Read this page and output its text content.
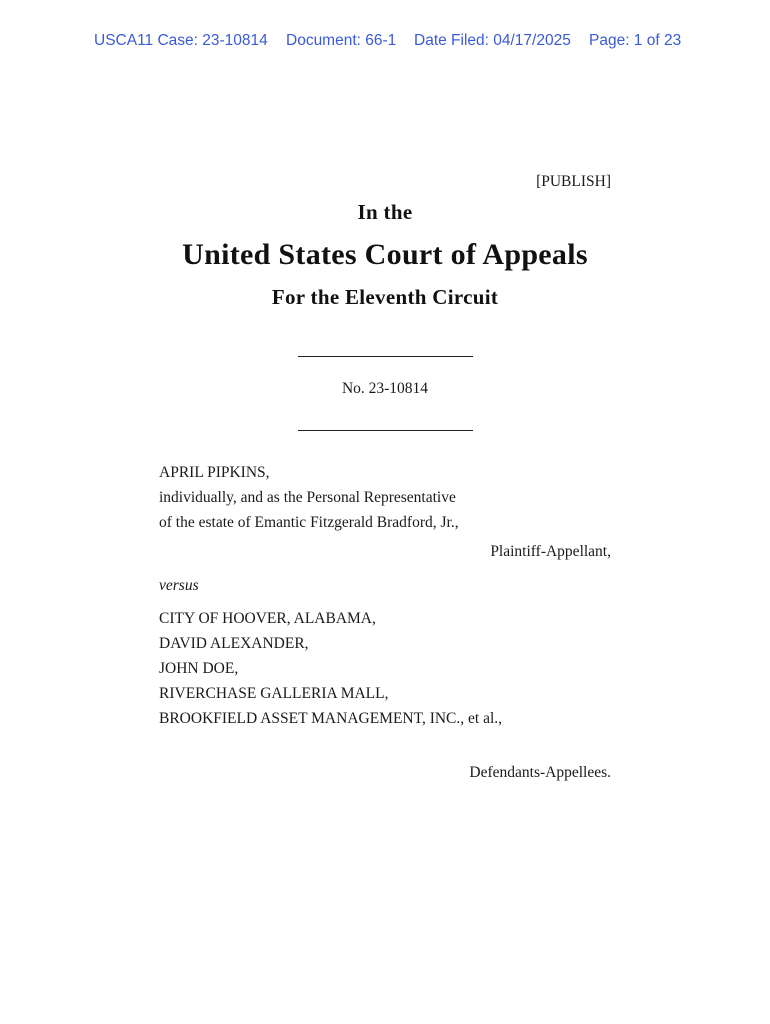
USCA11 Case: 23-10814	Document: 66-1	Date Filed: 04/17/2025	Page: 1 of 23
[PUBLISH]
In the
United States Court of Appeals
For the Eleventh Circuit
No. 23-10814
APRIL PIPKINS,
individually, and as the Personal Representative
of the estate of Emantic Fitzgerald Bradford, Jr.,
Plaintiff-Appellant,
versus
CITY OF HOOVER, ALABAMA,
DAVID ALEXANDER,
JOHN DOE,
RIVERCHASE GALLERIA MALL,
BROOKFIELD ASSET MANAGEMENT, INC., et al.,
Defendants-Appellees.
